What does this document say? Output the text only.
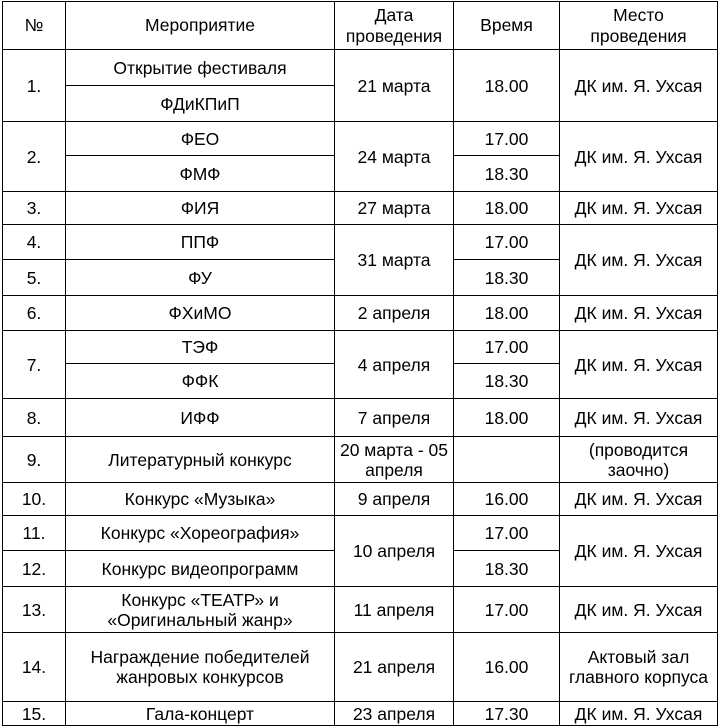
№	Мероприятие	Дата проведения	Время	Место проведения
1.	Открытие фестиваля	21 марта	18.00	ДК им. Я. Ухсая
	ФДиКПиП			
2.	ФЕО	24 марта	17.00	ДК им. Я. Ухсая
	ФМФ		18.30	
3.	ФИЯ	27 марта	18.00	ДК им. Я. Ухсая
4.	ППФ	31 марта	17.00	ДК им. Я. Ухсая
5.	ФУ		18.30	
6.	ФХиМО	2 апреля	18.00	ДК им. Я. Ухсая
7.	ТЭФ	4 апреля	17.00	ДК им. Я. Ухсая
	ФФК		18.30	
8.	ИФФ	7 апреля	18.00	ДК им. Я. Ухсая
9.	Литературный конкурс	20 марта - 05 апреля		(проводится заочно)
10.	Конкурс «Музыка»	9 апреля	16.00	ДК им. Я. Ухсая
11.	Конкурс «Хореография»	10 апреля	17.00	ДК им. Я. Ухсая
12.	Конкурс видеопрограмм		18.30	
13.	Конкурс «ТЕАТР» и «Оригинальный жанр»	11 апреля	17.00	ДК им. Я. Ухсая
14.	Награждение победителей жанровых конкурсов	21 апреля	16.00	Актовый зал главного корпуса
15.	Гала-концерт	23 апреля	17.30	ДК им. Я. Ухсая
